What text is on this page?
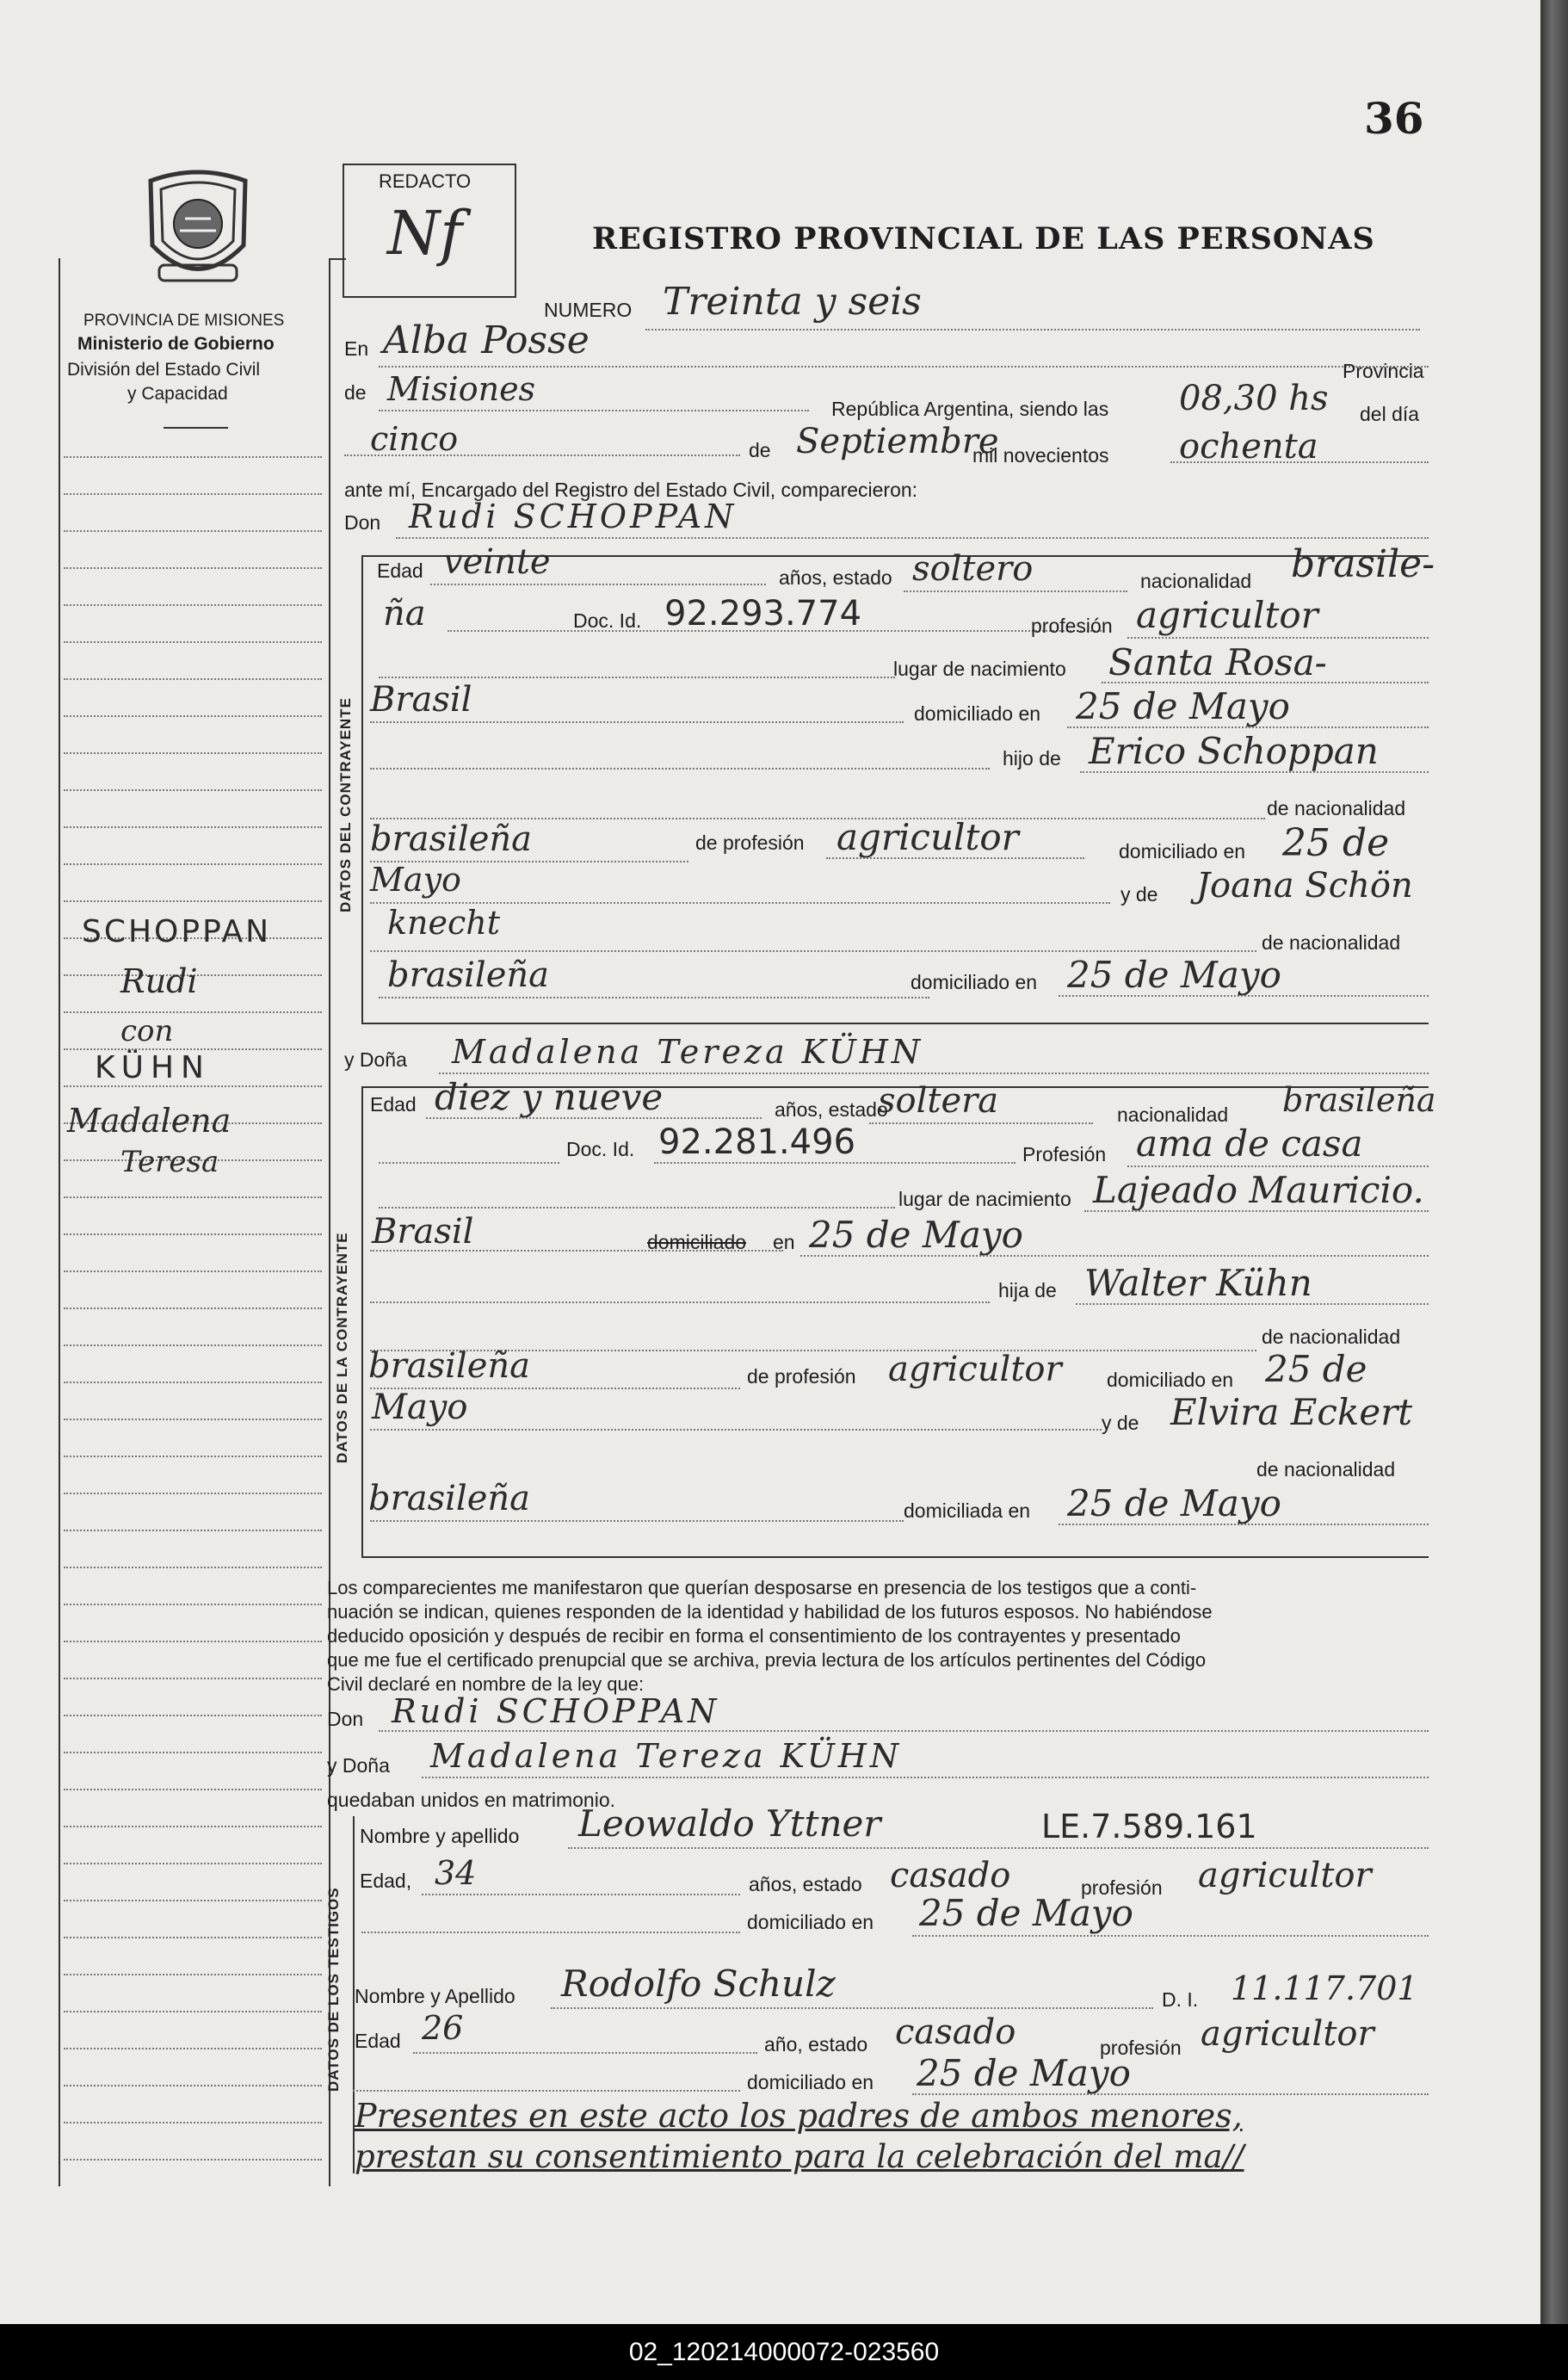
36
REDACTO
Nf	REGISTRO PROVINCIAL DE LAS PERSONAS
PROVINCIA DE MISIONES
Ministerio de Gobierno
División del Estado Civil
y Capacidad
SCHOPPAN
Rudi
con
KÜHN
Madalena
Teresa
NUMERO Treinta y seis
En Alba Posse
Provincia
de Misiones
República Argentina, siendo las 08,30 hs del día
cinco	de Septiembre
mil novecientos ochenta
ante mí, Encargado del Registro del Estado Civil, comparecieron:
Don Rudi SCHOPPAN
DATOS DEL CONTRAYENTE
Edad veinte	años, estado soltero	nacionalidad brasile-
ña	Doc. Id. 92.293.774	profesión agricultor
lugar de nacimiento Santa Rosa-
Brasil	domiciliado en 25 de Mayo
hijo de Erico Schoppan
de nacionalidad
brasileña	de profesión agricultor	domiciliado en 25 de
Mayo	y de Joana Schön
knecht
de nacionalidad
brasileña	domiciliado en 25 de Mayo
y Doña Madalena Tereza KÜHN
DATOS DE LA CONTRAYENTE
Edad diez y nueve	años, estado
soltera	nacionalidad brasileña
Doc. Id. 92.281.496	Profesión ama de casa
lugar de nacimiento Lajeado Mauricio.
Brasil	domiciliado en 25 de Mayo
hija de Walter Kühn
de nacionalidad
brasileña	de profesión agricultor domiciliado en 25 de
Mayo	y de Elvira Eckert
de nacionalidad
brasileña	domiciliada en 25 de Mayo
Los comparecientes me manifestaron que querían desposarse en presencia de los testigos que a conti-
nuación se indican, quienes responden de la identidad y habilidad de los futuros esposos. No habiéndose
deducido oposición y después de recibir en forma el consentimiento de los contrayentes y presentado
que me fue el certificado prenupcial que se archiva, previa lectura de los artículos pertinentes del Código
Civil declaré en nombre de la ley que:
Don Rudi SCHOPPAN
y Doña Madalena Tereza KÜHN
quedaban unidos en matrimonio.
DATOS DE LOS TESTIGOS
Nombre y apellido Leowaldo Yttner	LE.7.589.161
Edad, 34	años, estado casado	profesión agricultor
domiciliado en 25 de Mayo
Nombre y Apellido Rodolfo Schulz	D. I. 11.117.701
Edad 26	año, estado casado	profesión agricultor
domiciliado en 25 de Mayo
Presentes en este acto los padres de ambos menores,
prestan su consentimiento para la celebración del ma//
02_120214000072-023560
